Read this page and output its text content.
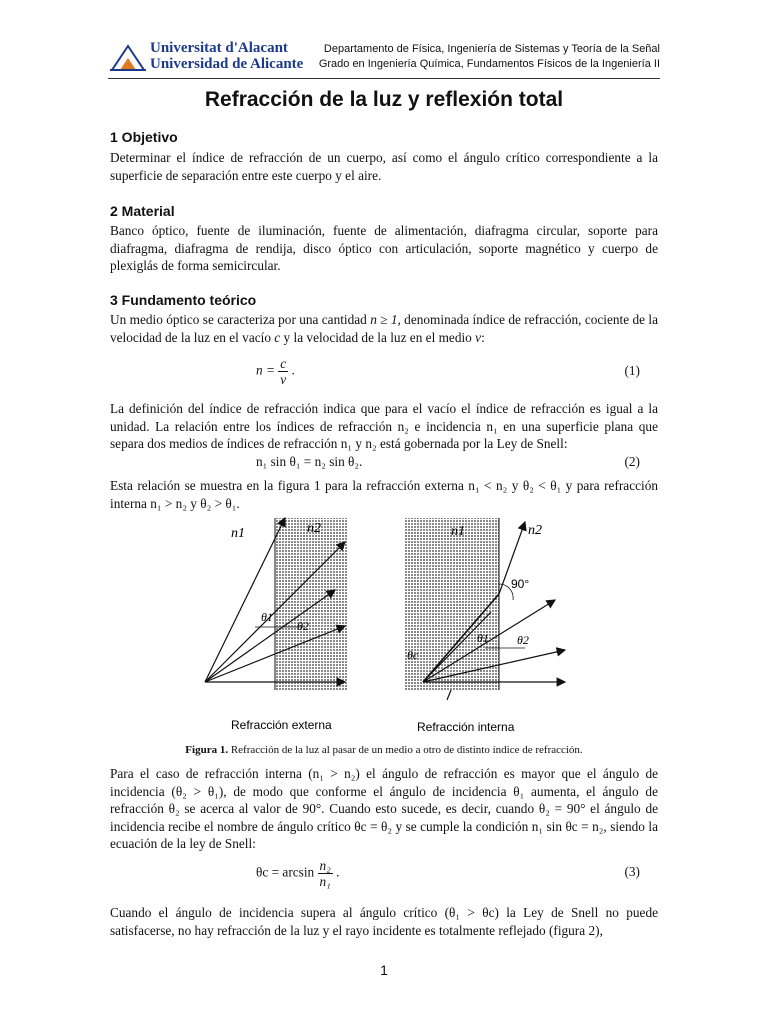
Universitat d'Alacant
Universidad de Alicante
Departamento de Física, Ingeniería de Sistemas y Teoría de la Señal
Grado en Ingeniería Química, Fundamentos Físicos de la Ingeniería II
Refracción de la luz y reflexión total
1 Objetivo
Determinar el índice de refracción de un cuerpo, así como el ángulo crítico correspondiente a la superficie de separación entre este cuerpo y el aire.
2 Material
Banco óptico, fuente de iluminación, fuente de alimentación, diafragma circular, soporte para diafragma, diafragma de rendija, disco óptico con articulación, soporte magnético y cuerpo de plexiglás de forma semicircular.
3 Fundamento teórico
Un medio óptico se caracteriza por una cantidad n ≥ 1, denominada índice de refracción, cociente de la velocidad de la luz en el vacío c y la velocidad de la luz en el medio v:
$n = \frac{c}{v}$ .	(1)
La definición del índice de refracción indica que para el vacío el índice de refracción es igual a la unidad. La relación entre los índices de refracción n₂ e incidencia n₁ en una superficie plana que separa dos medios de índices de refracción n₁ y n₂ está gobernada por la Ley de Snell:
n₁ sin θ₁ = n₂ sin θ₂.	(2)
Esta relación se muestra en la figura 1 para la refracción externa n₁ < n₂ y θ₂ < θ₁ y para refracción interna n₁ > n₂ y θ₂ > θ₁.
n1	n2
θ1
θ2
Refracción externa
n1	n2
90°
θ1 θ2
θc
Refracción interna
Figura 1. Refracción de la luz al pasar de un medio a otro de distinto índice de refracción.
Para el caso de refracción interna (n₁ > n₂) el ángulo de refracción es mayor que el ángulo de incidencia (θ₂ > θ₁), de modo que conforme el ángulo de incidencia θ₁ aumenta, el ángulo de refracción θ₂ se acerca al valor de 90°. Cuando esto sucede, es decir, cuando θ₂ = 90° el ángulo de incidencia recibe el nombre de ángulo crítico θc = θ₂ y se cumple la condición n₁ sin θc = n₂, siendo la ecuación de la ley de Snell:
$\theta c = \arcsin \frac{\text{n₂}}{\text{n₁}}$ .	(3)
Cuando el ángulo de incidencia supera al ángulo crítico (θ₁ > θc) la Ley de Snell no puede satisfacerse, no hay refracción de la luz y el rayo incidente es totalmente reflejado (figura 2),
1
